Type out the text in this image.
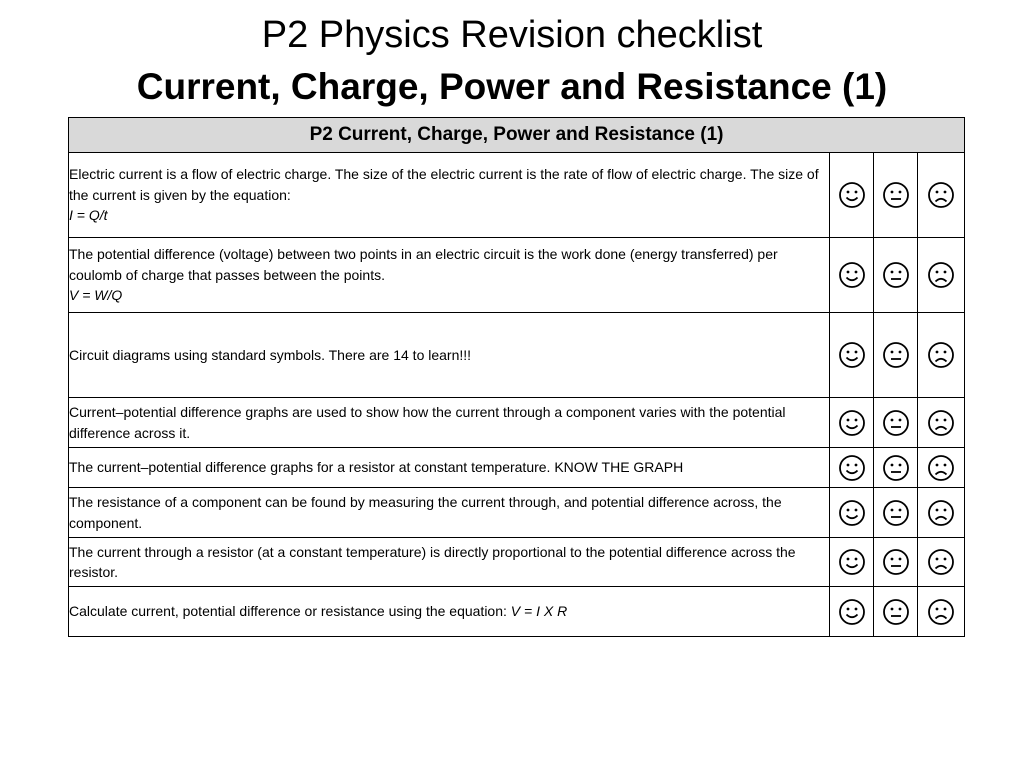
P2 Physics Revision checklist
Current, Charge, Power and Resistance (1)
P2 Current, Charge, Power and Resistance (1)			
Electric current is a flow of electric charge. The size of the electric current is the rate of flow of electric charge. The size of the current is given by the equation:
I = Q/t

The potential difference (voltage) between two points in an electric circuit is the work done (energy transferred) per coulomb of charge that passes between the points.
V = W/Q

Circuit diagrams using standard symbols. There are 14 to learn!!!	

Current–potential difference graphs are used to show how the current through a component varies with the potential difference across it.	

The current–potential difference graphs for a resistor at constant temperature. KNOW THE GRAPH	

The resistance of a component can be found by measuring the current through, and potential difference across, the component.	

The current through a resistor (at a constant temperature) is directly proportional to the potential difference across the resistor.	

Calculate current, potential difference or resistance using the equation: V = I X R	
